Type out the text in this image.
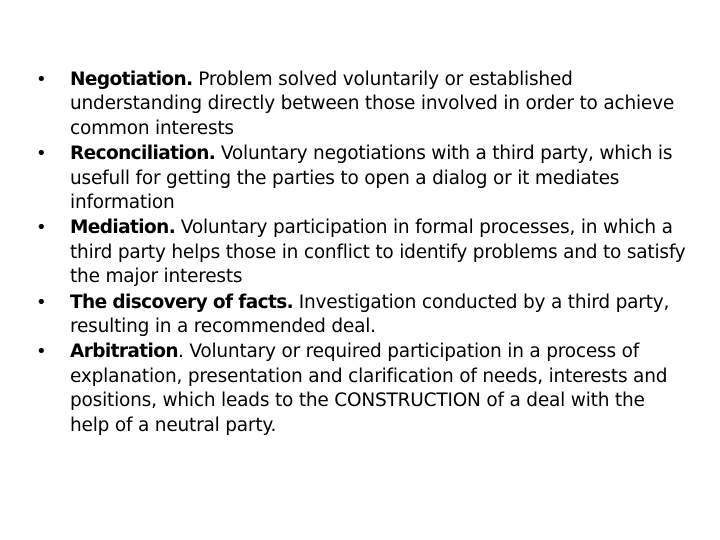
•	Negotiation. Problem solved voluntarily or established understanding directly between those involved in order to achieve common interests
•	Reconciliation. Voluntary negotiations with a third party, which is usefull for getting the parties to open a dialog or it mediates information
•	Mediation. Voluntary participation in formal processes, in which a third party helps those in conflict to identify problems and to satisfy the major interests
•	The discovery of facts. Investigation conducted by a third party, resulting in a recommended deal.
•	Arbitration. Voluntary or required participation in a process of explanation, presentation and clarification of needs, interests and positions, which leads to the CONSTRUCTION of a deal with the help of a neutral party.
